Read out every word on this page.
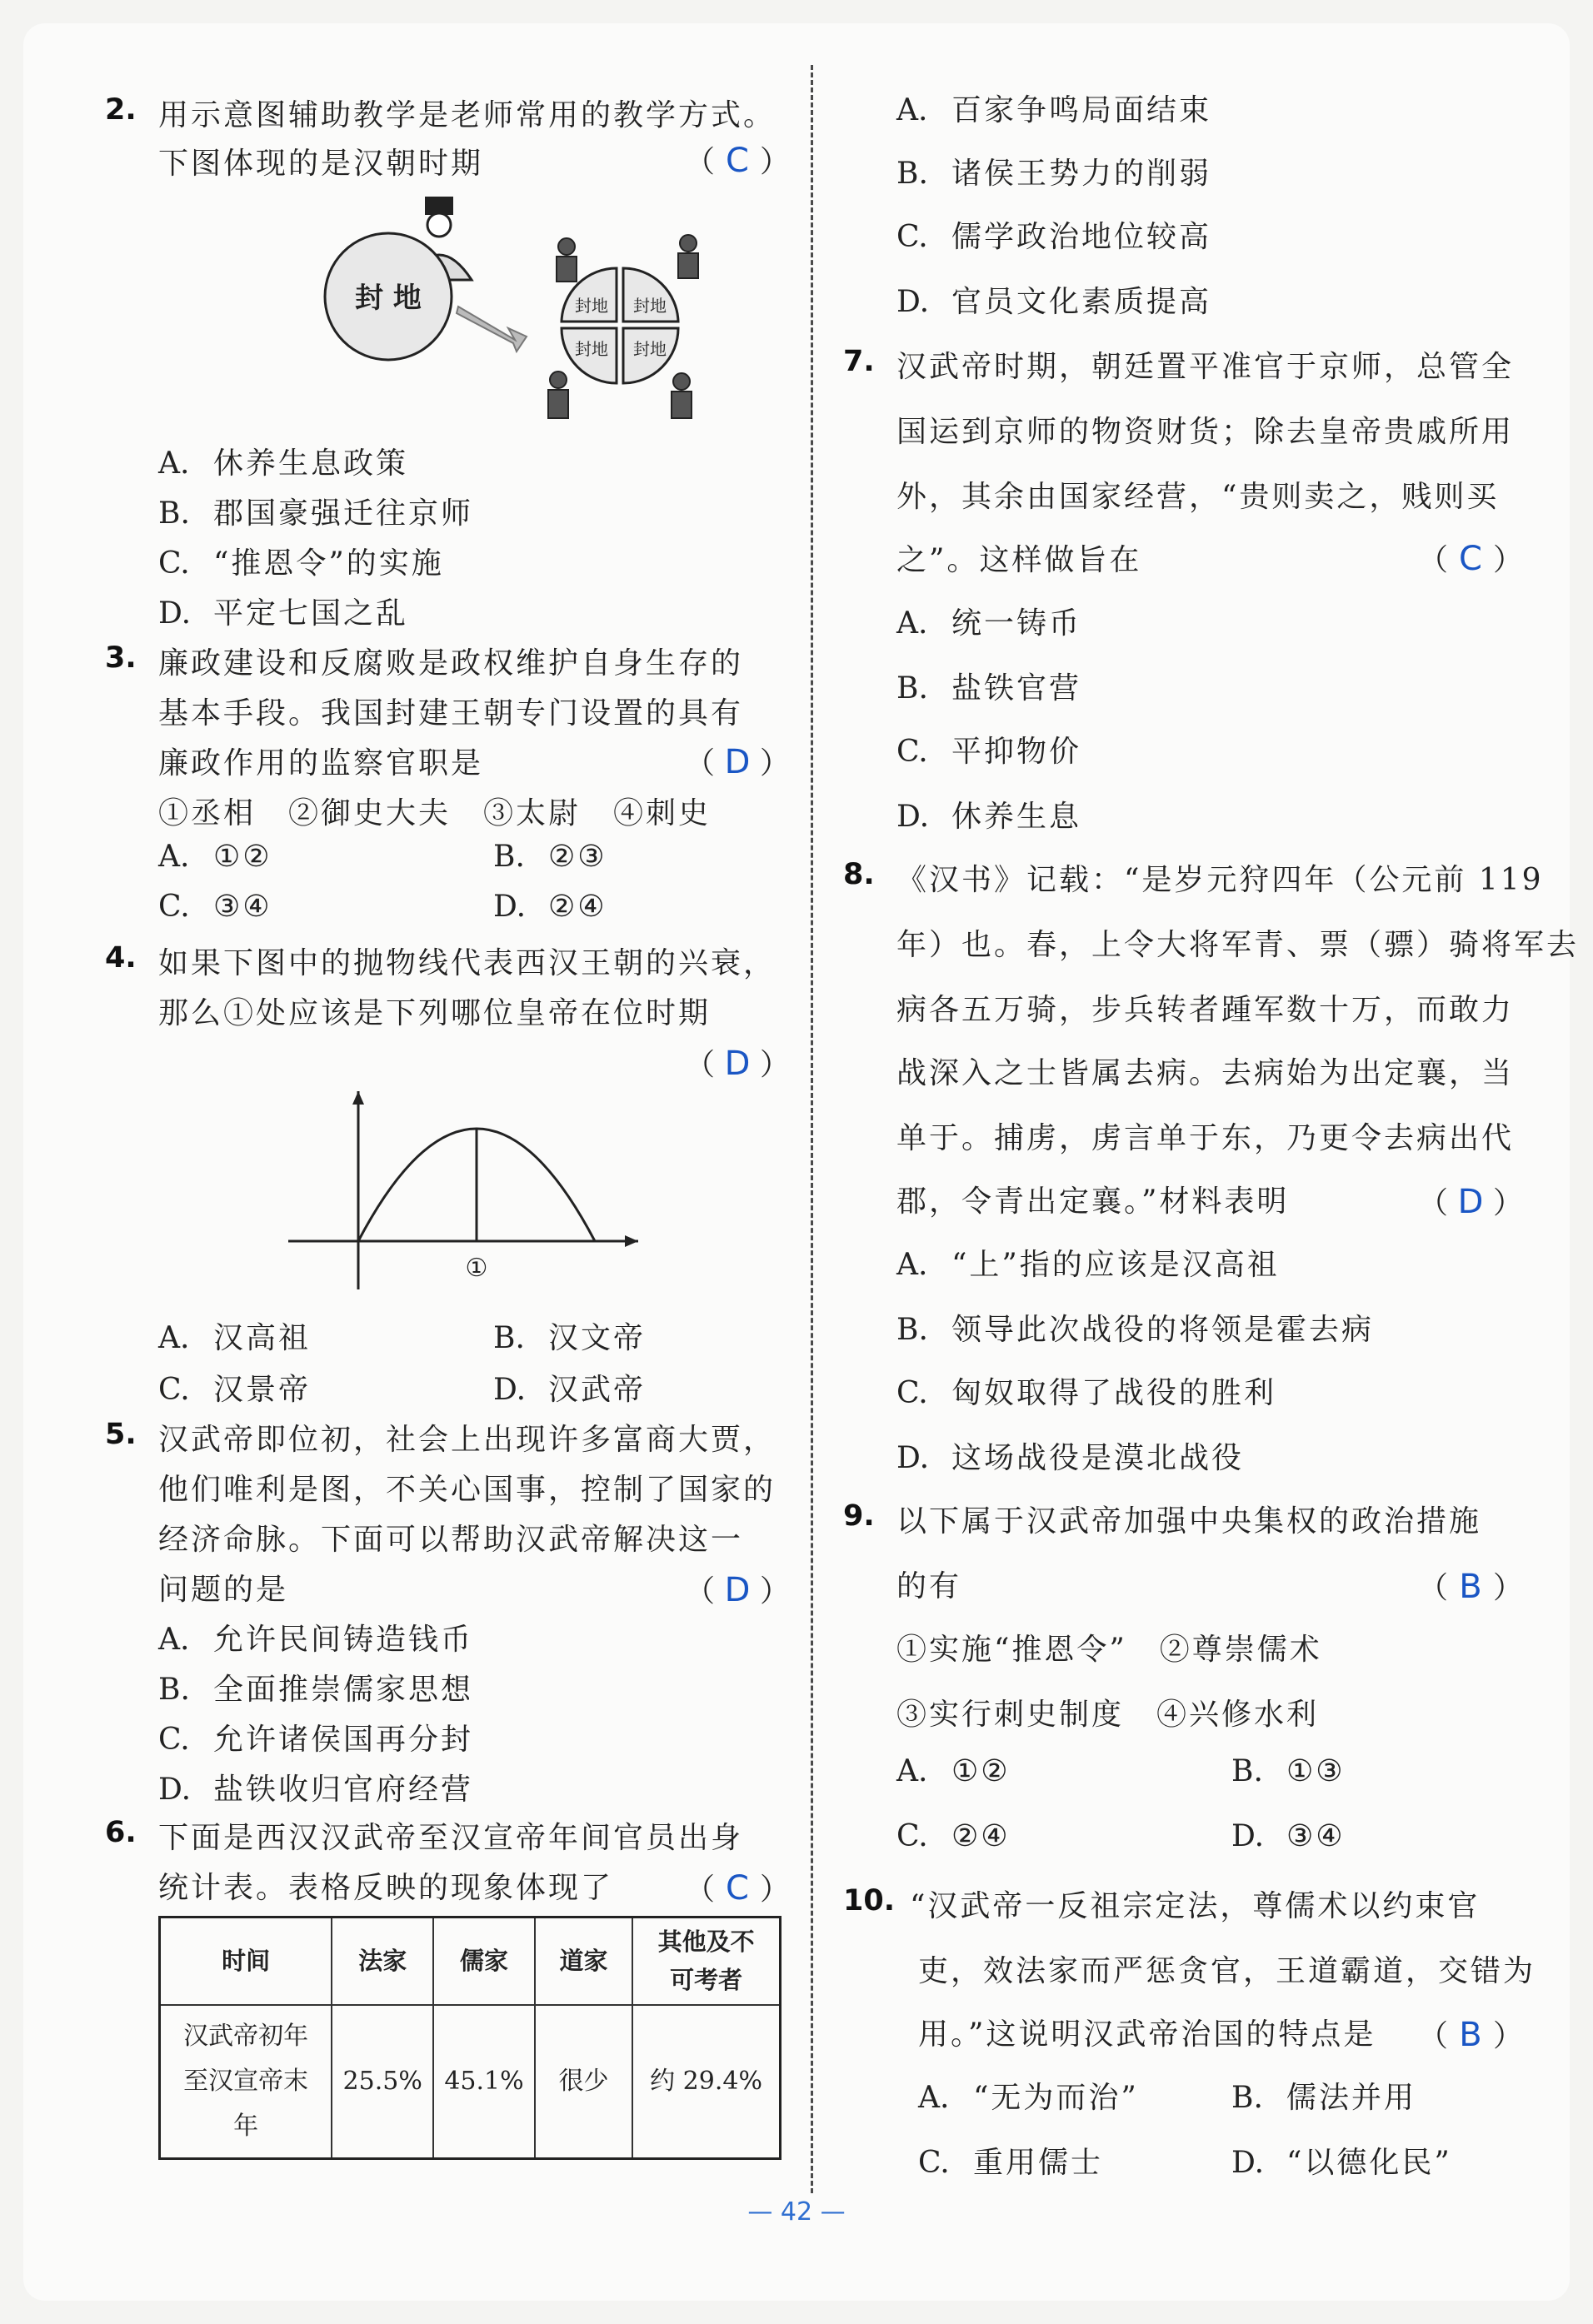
2. 用示意图辅助教学是老师常用的教学方式。
下图体现的是汉朝时期	（ C ）
封 地	封地 封地
封地 封地
A. 休养生息政策
B. 郡国豪强迁往京师
C. “推恩令”的实施
D. 平定七国之乱
3. 廉政建设和反腐败是政权维护自身生存的
基本手段。我国封建王朝专门设置的具有
廉政作用的监察官职是	（ D ）
①丞相　②御史大夫　③太尉　④刺史
A. ①②	B. ②③
C. ③④	D. ②④
4. 如果下图中的抛物线代表西汉王朝的兴衰，
那么①处应该是下列哪位皇帝在位时期
（ D ）
①
A. 汉高祖	B. 汉文帝
C. 汉景帝	D. 汉武帝
5. 汉武帝即位初，社会上出现许多富商大贾，
他们唯利是图，不关心国事，控制了国家的
经济命脉。下面可以帮助汉武帝解决这一
问题的是	（ D ）
A. 允许民间铸造钱币
B. 全面推崇儒家思想
C. 允许诸侯国再分封
D. 盐铁收归官府经营
6. 下面是西汉汉武帝至汉宣帝年间官员出身
统计表。表格反映的现象体现了 （ C ）
时间	法家	儒家	道家	其他及不可考者
汉武帝初年至汉宣帝末年	25.5%	45.1%	很少	约 29.4%
A. 百家争鸣局面结束
B. 诸侯王势力的削弱
C. 儒学政治地位较高
D. 官员文化素质提高
7. 汉武帝时期，朝廷置平准官于京师，总管全
国运到京师的物资财货；除去皇帝贵戚所用
外，其余由国家经营，“贵则卖之，贱则买
之”。这样做旨在	（ C ）
A. 统一铸币
B. 盐铁官营
C. 平抑物价
D. 休养生息
8. 《汉书》记载：“是岁元狩四年（公元前 119
年）也。春，上令大将军青、票（骠）骑将军去
病各五万骑，步兵转者踵军数十万，而敢力
战深入之士皆属去病。去病始为出定襄，当
单于。捕虏，虏言单于东，乃更令去病出代
郡，令青出定襄。”材料表明	（ D ）
A. “上”指的应该是汉高祖
B. 领导此次战役的将领是霍去病
C. 匈奴取得了战役的胜利
D. 这场战役是漠北战役
9. 以下属于汉武帝加强中央集权的政治措施
的有	（ B ）
①实施“推恩令”　②尊崇儒术
③实行刺史制度　④兴修水利
A. ①②	B. ①③
C. ②④	D. ③④
10. “汉武帝一反祖宗定法，尊儒术以约束官
吏，效法家而严惩贪官，王道霸道，交错为
用。”这说明汉武帝治国的特点是 （ B ）
A. “无为而治”	B. 儒法并用
C. 重用儒士	D. “以德化民”
— 42 —
